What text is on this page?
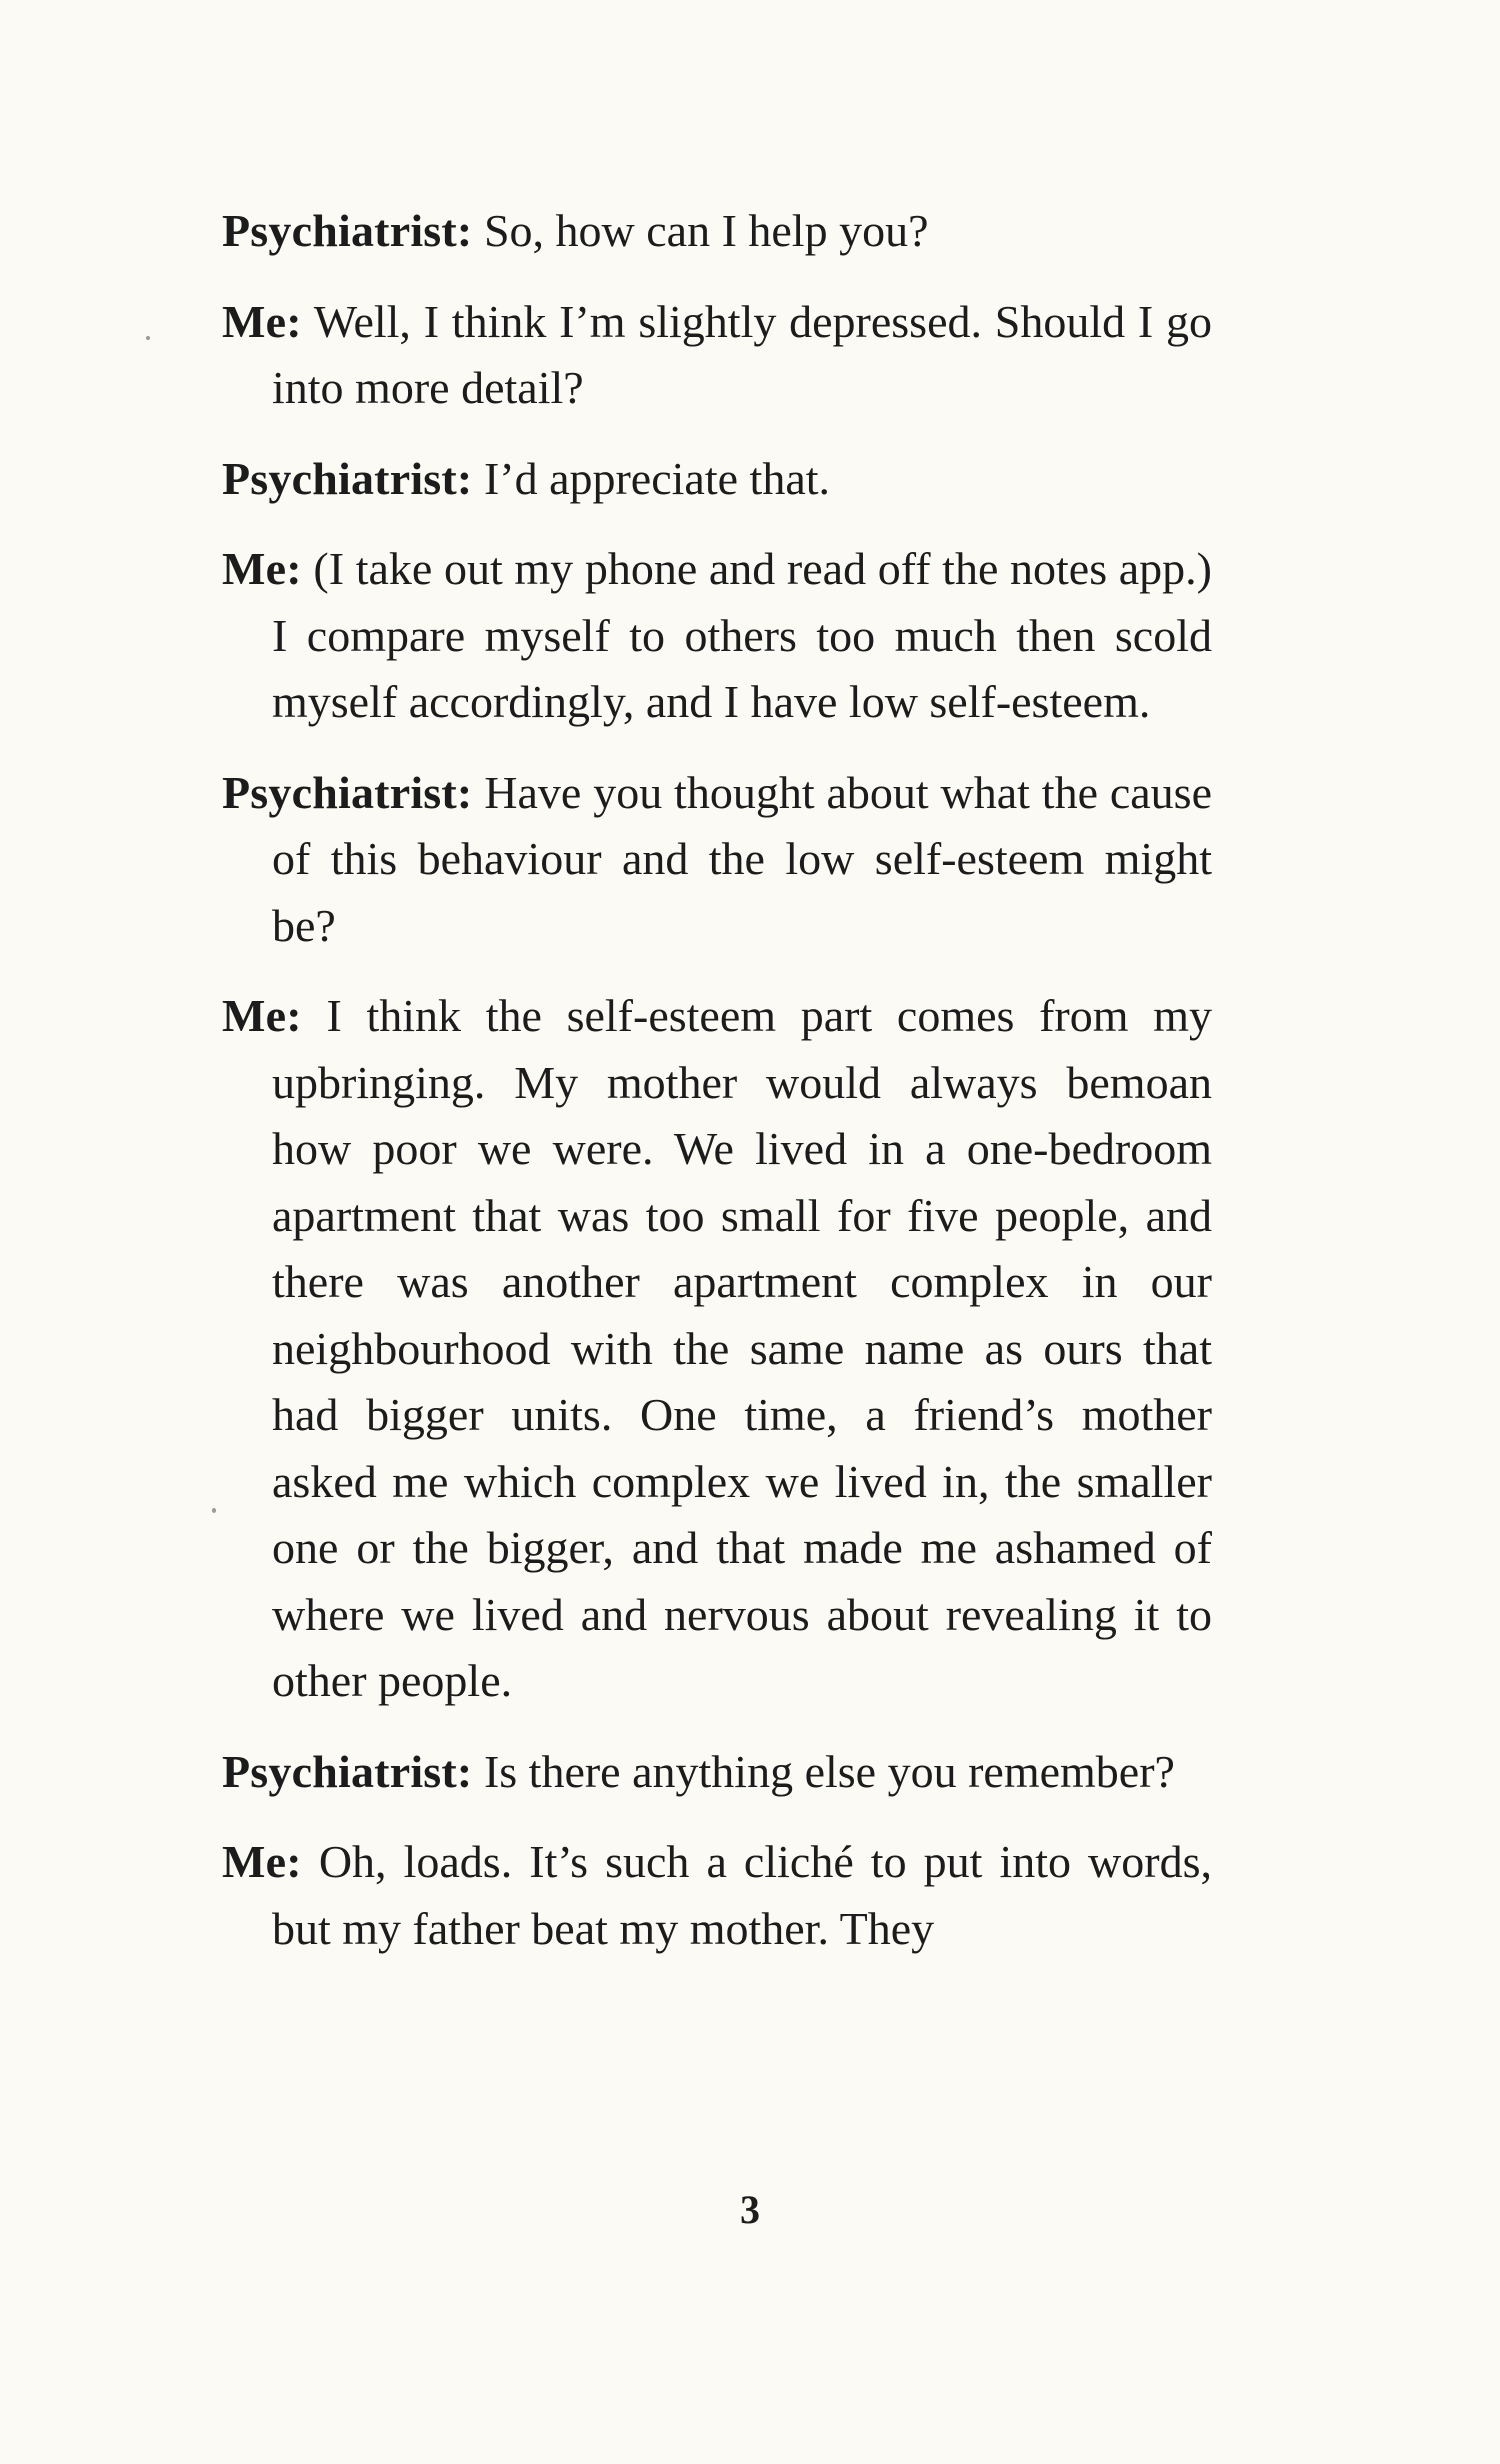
Psychiatrist: So, how can I help you?

Me: Well, I think I’m slightly depressed. Should I go into more detail?

Psychiatrist: I’d appreciate that.

Me: (I take out my phone and read off the notes app.) I compare myself to others too much then scold myself accordingly, and I have low self-esteem.

Psychiatrist: Have you thought about what the cause of this behaviour and the low self-esteem might be?

Me: I think the self-esteem part comes from my upbringing. My mother would always bemoan how poor we were. We lived in a one-bedroom apartment that was too small for five people, and there was another apartment complex in our neighbourhood with the same name as ours that had bigger units. One time, a friend’s mother asked me which complex we lived in, the smaller one or the bigger, and that made me ashamed of where we lived and nervous about revealing it to other people.

Psychiatrist: Is there anything else you remember?

Me: Oh, loads. It’s such a cliché to put into words, but my father beat my mother. They

3
